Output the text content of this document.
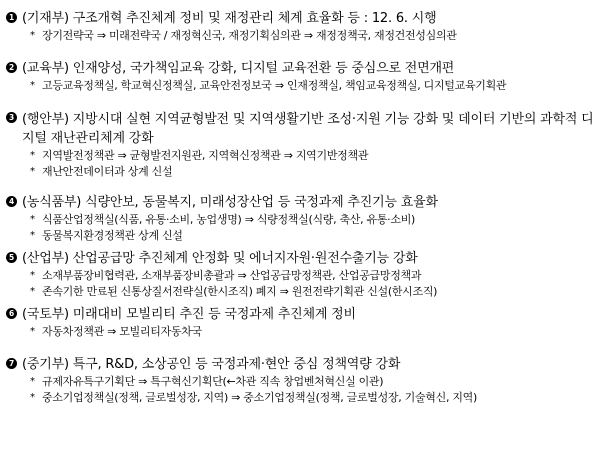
1 (기재부) 구조개혁 추진체계 정비 및 재정관리 체계 효율화 등 : 12. 6. 시행
* 장기전략국 ⇒ 미래전략국 / 재정혁신국, 재정기획심의관 ⇒ 재정정책국, 재정건전성심의관
2 (교육부) 인재양성, 국가책임교육 강화, 디지털 교육전환 등 중심으로 전면개편
* 고등교육정책실, 학교혁신정책실, 교육안전정보국 ⇒ 인재정책실, 책임교육정책실, 디지털교육기획관
3 (행안부) 지방시대 실현 지역균형발전 및 지역생활기반 조성·지원 기능 강화 및 데이터 기반의 과학적 디지털 재난관리체계 강화
* 지역발전정책관 ⇒ 균형발전지원관, 지역혁신정책관 ⇒ 지역기반정책관
* 재난안전데이터과 상계 신설
4 (농식품부) 식량안보, 동물복지, 미래성장산업 등 국정과제 추진기능 효율화
* 식품산업정책실(식품, 유통·소비, 농업생명) ⇒ 식량정책실(식량, 축산, 유통·소비)
* 동물복지환경정책관 상계 신설
5 (산업부) 산업공급망 추진체계 안정화 및 에너지자원·원전수출기능 강화
* 소재부품장비협력관, 소재부품장비총괄과 ⇒ 산업공급망정책관, 산업공급망정책과
* 존속기한 만료된 신통상질서전략실(한시조직) 폐지 ⇒ 원전전략기획관 신설(한시조직)
6 (국토부) 미래대비 모빌리티 추진 등 국정과제 추진체계 정비
* 자동차정책관 ⇒ 모빌리티자동차국
7 (중기부) 특구, R&D, 소상공인 등 국정과제·현안 중심 정책역량 강화
* 규제자유특구기획단 ⇒ 특구혁신기획단(←차관 직속 창업벤처혁신실 이관)
* 중소기업정책실(정책, 글로벌성장, 지역) ⇒ 중소기업정책실(정책, 글로벌성장, 기술혁신, 지역)
